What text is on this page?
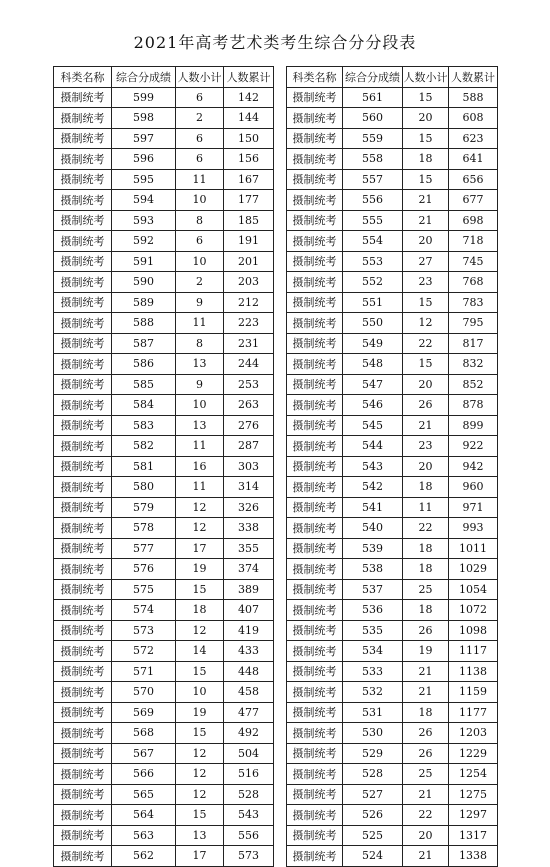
2021年高考艺术类考生综合分分段表
科类名称	综合分成绩	人数小计	人数累计
摄制统考	599	6	142
摄制统考	598	2	144
摄制统考	597	6	150
摄制统考	596	6	156
摄制统考	595	11	167
摄制统考	594	10	177
摄制统考	593	8	185
摄制统考	592	6	191
摄制统考	591	10	201
摄制统考	590	2	203
摄制统考	589	9	212
摄制统考	588	11	223
摄制统考	587	8	231
摄制统考	586	13	244
摄制统考	585	9	253
摄制统考	584	10	263
摄制统考	583	13	276
摄制统考	582	11	287
摄制统考	581	16	303
摄制统考	580	11	314
摄制统考	579	12	326
摄制统考	578	12	338
摄制统考	577	17	355
摄制统考	576	19	374
摄制统考	575	15	389
摄制统考	574	18	407
摄制统考	573	12	419
摄制统考	572	14	433
摄制统考	571	15	448
摄制统考	570	10	458
摄制统考	569	19	477
摄制统考	568	15	492
摄制统考	567	12	504
摄制统考	566	12	516
摄制统考	565	12	528
摄制统考	564	15	543
摄制统考	563	13	556
摄制统考	562	17	573
科类名称	综合分成绩	人数小计	人数累计
摄制统考	561	15	588
摄制统考	560	20	608
摄制统考	559	15	623
摄制统考	558	18	641
摄制统考	557	15	656
摄制统考	556	21	677
摄制统考	555	21	698
摄制统考	554	20	718
摄制统考	553	27	745
摄制统考	552	23	768
摄制统考	551	15	783
摄制统考	550	12	795
摄制统考	549	22	817
摄制统考	548	15	832
摄制统考	547	20	852
摄制统考	546	26	878
摄制统考	545	21	899
摄制统考	544	23	922
摄制统考	543	20	942
摄制统考	542	18	960
摄制统考	541	11	971
摄制统考	540	22	993
摄制统考	539	18	1011
摄制统考	538	18	1029
摄制统考	537	25	1054
摄制统考	536	18	1072
摄制统考	535	26	1098
摄制统考	534	19	1117
摄制统考	533	21	1138
摄制统考	532	21	1159
摄制统考	531	18	1177
摄制统考	530	26	1203
摄制统考	529	26	1229
摄制统考	528	25	1254
摄制统考	527	21	1275
摄制统考	526	22	1297
摄制统考	525	20	1317
摄制统考	524	21	1338
